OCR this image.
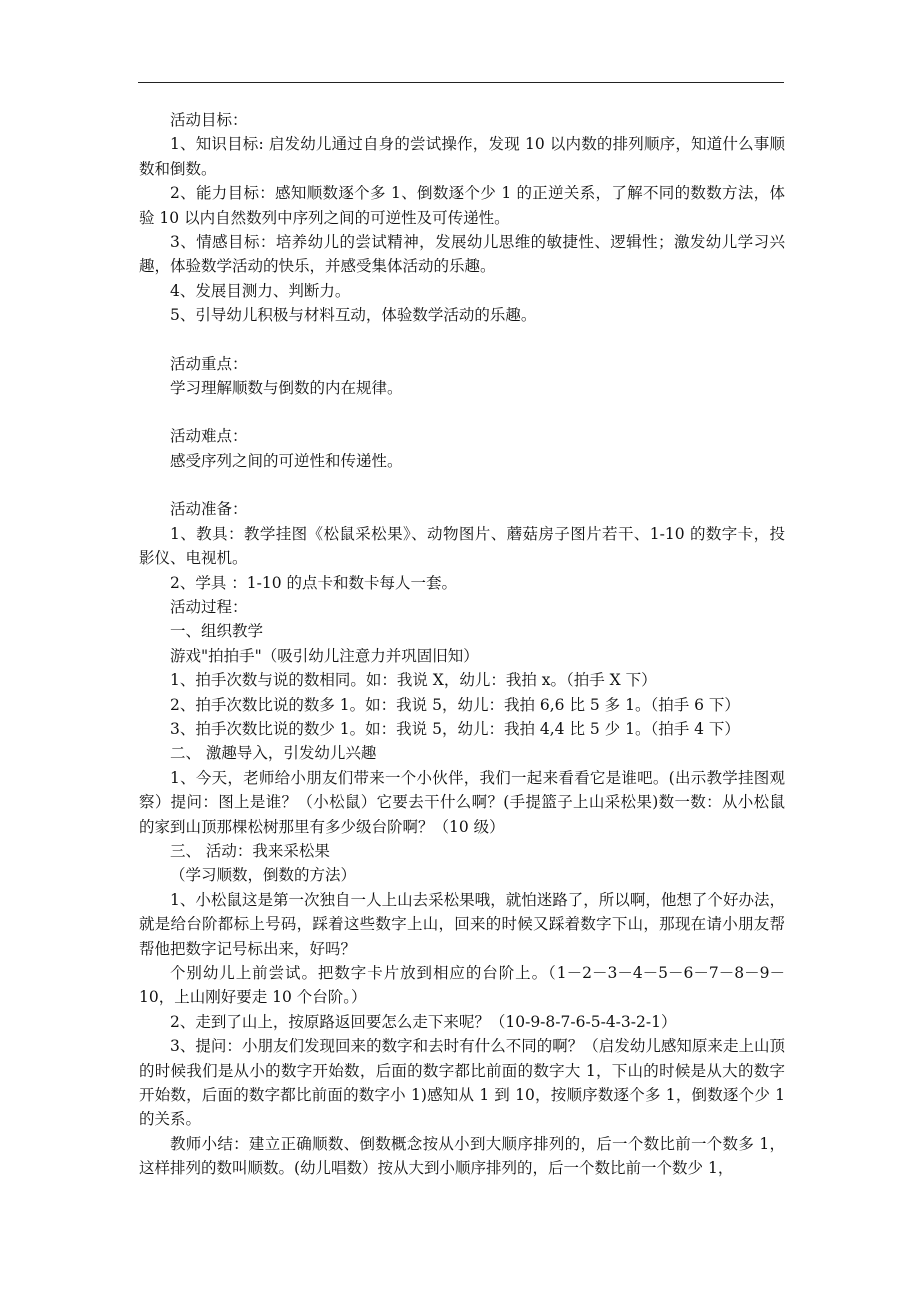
活动目标：

1、知识目标: 启发幼儿通过自身的尝试操作，发现 10 以内数的排列顺序，知道什么事顺数和倒数。

2、能力目标：感知顺数逐个多 1、倒数逐个少 1 的正逆关系，了解不同的数数方法，体验 10 以内自然数列中序列之间的可逆性及可传递性。

3、情感目标：培养幼儿的尝试精神，发展幼儿思维的敏捷性、逻辑性；激发幼儿学习兴趣，体验数学活动的快乐，并感受集体活动的乐趣。

4、发展目测力、判断力。

5、引导幼儿积极与材料互动，体验数学活动的乐趣。

活动重点：

学习理解顺数与倒数的内在规律。

活动难点：

感受序列之间的可逆性和传递性。

活动准备：

1、教具：教学挂图《松鼠采松果》、动物图片、蘑菇房子图片若干、1-10 的数字卡，投影仪、电视机。

2、学具 ：1-10 的点卡和数卡每人一套。

活动过程：

一、组织教学

游戏"拍拍手"（吸引幼儿注意力并巩固旧知）

1、拍手次数与说的数相同。如：我说 X，幼儿：我拍 x。（拍手 X 下）

2、拍手次数比说的数多 1。如：我说 5，幼儿：我拍 6,6 比 5 多 1。（拍手 6 下）

3、拍手次数比说的数少 1。如：我说 5，幼儿：我拍 4,4 比 5 少 1。（拍手 4 下）

二、 激趣导入，引发幼儿兴趣

1、今天，老师给小朋友们带来一个小伙伴，我们一起来看看它是谁吧。(出示教学挂图观察）提问：图上是谁？（小松鼠）它要去干什么啊？(手提篮子上山采松果)数一数：从小松鼠的家到山顶那棵松树那里有多少级台阶啊？（10 级）

三、 活动：我来采松果

（学习顺数，倒数的方法）

1、小松鼠这是第一次独自一人上山去采松果哦，就怕迷路了，所以啊，他想了个好办法，就是给台阶都标上号码，踩着这些数字上山，回来的时候又踩着数字下山，那现在请小朋友帮帮他把数字记号标出来，好吗？

个别幼儿上前尝试。把数字卡片放到相应的台阶上。（1－2－3－4－5－6－7－8－9－10，上山刚好要走 10 个台阶。）

2、走到了山上，按原路返回要怎么走下来呢？（10-9-8-7-6-5-4-3-2-1）

3、提问：小朋友们发现回来的数字和去时有什么不同的啊？（启发幼儿感知原来走上山顶的时候我们是从小的数字开始数，后面的数字都比前面的数字大 1，下山的时候是从大的数字开始数，后面的数字都比前面的数字小 1)感知从 1 到 10，按顺序数逐个多 1，倒数逐个少 1 的关系。

教师小结：建立正确顺数、倒数概念按从小到大顺序排列的，后一个数比前一个数多 1，这样排列的数叫顺数。(幼儿唱数）按从大到小顺序排列的，后一个数比前一个数少 1，
